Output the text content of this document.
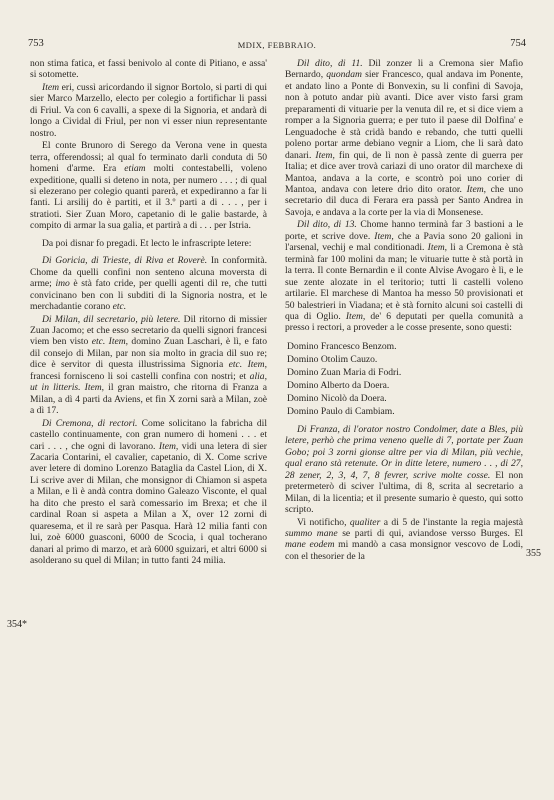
753	MDIX, FEBBRAIO.	754
354*
355

non stima fatica, et fassi benivolo al conte di Pitiano, e assa' si sotomette.

Item eri, cussì aricordando il signor Bortolo, si parti di qui sier Marco Marzello, electo per colegio a fortifichar li passi di Friul. Va con 6 cavalli, a spexe di la Signoria, et andarà di longo a Cividal di Friul, per non vi esser niun representante nostro.

El conte Brunoro di Serego da Verona vene in questa terra, offerendossi; al qual fo terminato darli conduta di 50 homeni d'arme. Era etiam molti contestabelli, voleno expeditione, qualli si deteno in nota, per numero . . . ; di qual si elezerano per colegio quanti parerà, et expediranno a far li fanti. Li arsilij do è partiti, et il 3.º parti a di . . . , per i stratioti. Sier Zuan Moro, capetanio di le galie bastarde, à compito di armar la sua galia, et partirà a di . . . per Istria.

Da poi disnar fo pregadi. Et lecto le infrascripte letere:

Di Goricia, di Trieste, di Riva et Roverè. In conformità. Chome da quelli confini non senteno alcuna moversta di arme; imo è stà fato cride, per quelli agenti dil re, che tutti convicinano ben con li subditi di la Signoria nostra, et le merchadantie corano etc.

Di Milan, dil secretario, più letere. Dil ritorno di missier Zuan Jacomo; et che esso secretario da quelli signori francesi viem ben visto etc. Item, domino Zuan Laschari, è lì, e fato dil consejo di Milan, par non sia molto in gracia dil suo re; dice è servitor di questa illustrissima Signoria etc. Item, francesi fornisceno li soi castelli confina con nostri; et alia, ut in litteris. Item, il gran maistro, che ritorna di Franza a Milan, a dì 4 parti da Aviens, et fin X zorni sarà a Milan, zoè a dì 17.

Di Cremona, di rectori. Come solicitano la fabricha dil castello continuamente, con gran numero di homeni . . . et cari . . . , che ogni di lavorano. Item, vidi una letera di sier Zacaria Contarini, el cavalier, capetanio, di X. Come scrive aver letere di domino Lorenzo Bataglia da Castel Lion, di X. Li scrive aver di Milan, che monsignor di Chiamon si aspeta a Milan, e lì è andà contra domino Galeazo Visconte, el qual ha dito che presto el sarà comessario im Brexa; et che il cardinal Roan si aspeta a Milan a X, over 12 zorni di quaresema, et il re sarà per Pasqua. Harà 12 milia fanti con lui, zoè 6000 guasconi, 6000 de Scocia, i qual tocherano danari al primo di marzo, et arà 6000 sguizari, et altri 6000 si asolderano su quel di Milan; in tutto fanti 24 milia.

Dil dito, di 11. Dil zonzer li a Cremona sier Mafio Bernardo, quondam sier Francesco, qual andava im Ponente, et andato lino a Ponte di Bonvexin, su li confini di Savoja, non à potuto andar più avanti. Dice aver visto farsi gram preparamenti di vituarie per la venuta dil re, et si dice viem a romper a la Signoria guerra; e per tuto il paese dil Dolfina' e Lenguadoche è stà cridà bando e rebando, che tutti quelli poleno portar arme debiano vegnir a Liom, che li sarà dato danari. Item, fin qui, de lì non è passà zente di guerra per Italia; et dice aver trovà cariazi di uno orator dil marchexe di Mantoa, andava a la corte, e scontrò poi uno corier di Mantoa, andava con letere drio dito orator. Item, che uno secretario dil duca di Ferara era passà per Santo Andrea in Savoja, e andava a la corte per la via di Monsenese.

Dil dito, di 13. Chome hanno terminà far 3 bastioni a le porte, et scrive dove. Item, che a Pavia sono 20 galioni in l'arsenal, vechij e mal conditionadi. Item, li a Cremona è stà terminà far 100 molini da man; le vituarie tutte è stà portà in la terra. Il conte Bernardin e il conte Alvise Avogaro è lì, e le sue zente alozate in el teritorio; tutti li castelli voleno artilarie. El marchese di Mantoa ha messo 50 provisionati et 50 balestrieri in Viadana; et è stà fornito alcuni soi castelli di qua di Oglio. Item, de' 6 deputati per quella comunità a presso i rectori, a proveder a le cosse presente, sono questi:

Domino Francesco Benzom.
Domino Otolim Cauzo.
Domino Zuan Maria di Fodri.
Domino Alberto da Doera.
Domino Nicolò da Doera.
Domino Paulo di Cambiam.

Di Franza, di l'orator nostro Condolmer, date a Bles, più letere, perhò che prima veneno quelle di 7, portate per Zuan Gobo; poi 3 zorni gionse altre per via di Milan, più vechie, qual erano stà retenute. Or in ditte letere, numero . . , di 27, 28 zener, 2, 3, 4, 7, 8 fevrer, scrive molte cosse. El non pretermeterò di sciver l'ultima, di 8, scrita al secretario a Milan, di la licentia; et il presente sumario è questo, qui sotto scripto.

Vi notificho, qualiter a di 5 de l'instante la regia majestà summo mane se parti di qui, aviandose versso Burges. El mane eodem mi mandò a casa monsignor vescovo de Lodi, con el thesorier de la
